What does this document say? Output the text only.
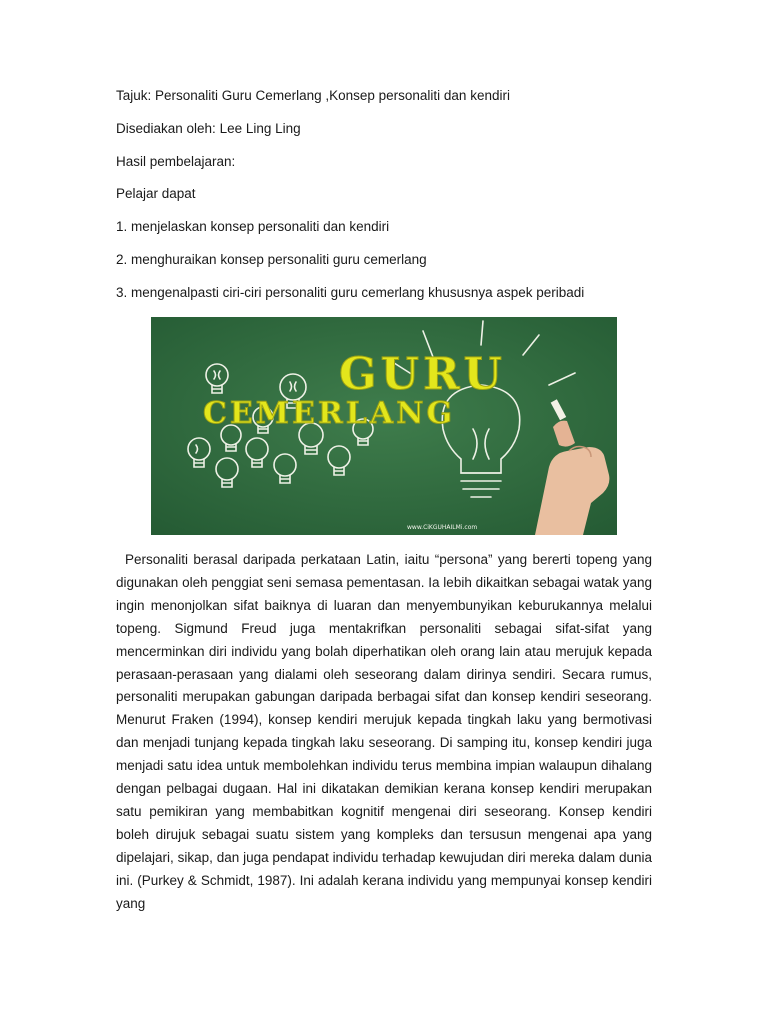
Tajuk: Personaliti Guru Cemerlang ,Konsep personaliti dan kendiri
Disediakan oleh: Lee Ling Ling
Hasil pembelajaran:
Pelajar dapat
1. menjelaskan konsep personaliti dan kendiri
2. menghuraikan konsep personaliti guru cemerlang
3. mengenalpasti ciri-ciri personaliti guru cemerlang khususnya aspek peribadi
GURU
CEMERLANG
www.CiKGUHAILMi.com
Personaliti berasal daripada perkataan Latin, iaitu “persona” yang bererti topeng yang digunakan oleh penggiat seni semasa pementasan. Ia lebih dikaitkan sebagai watak yang ingin menonjolkan sifat baiknya di luaran dan menyembunyikan keburukannya melalui topeng. Sigmund Freud juga mentakrifkan personaliti sebagai sifat-sifat yang mencerminkan diri individu yang bolah diperhatikan oleh orang lain atau merujuk kepada perasaan-perasaan yang dialami oleh seseorang dalam dirinya sendiri. Secara rumus, personaliti merupakan gabungan daripada berbagai sifat dan konsep kendiri seseorang. Menurut Fraken (1994), konsep kendiri merujuk kepada tingkah laku yang bermotivasi dan menjadi tunjang kepada tingkah laku seseorang. Di samping itu, konsep kendiri juga menjadi satu idea untuk membolehkan individu terus membina impian walaupun dihalang dengan pelbagai dugaan. Hal ini dikatakan demikian kerana konsep kendiri merupakan satu pemikiran yang membabitkan kognitif mengenai diri seseorang. Konsep kendiri boleh dirujuk sebagai suatu sistem yang kompleks dan tersusun mengenai apa yang dipelajari, sikap, dan juga pendapat individu terhadap kewujudan diri mereka dalam dunia ini. (Purkey & Schmidt, 1987). Ini adalah kerana individu yang mempunyai konsep kendiri yang
